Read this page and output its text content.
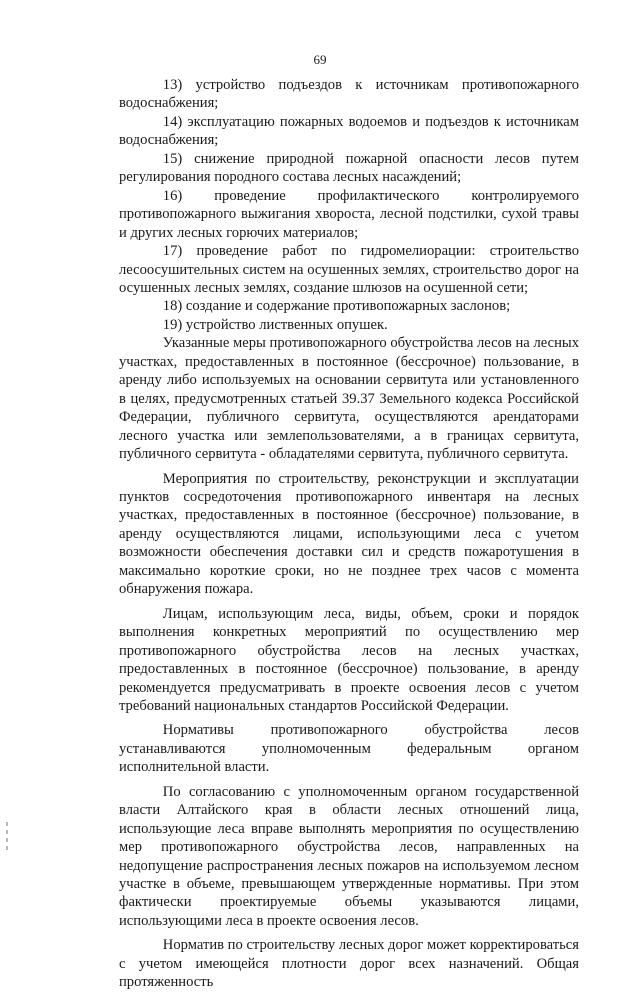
69

13) устройство подъездов к источникам противопожарного водоснабжения;

14) эксплуатацию пожарных водоемов и подъездов к источникам водоснабжения;

15) снижение природной пожарной опасности лесов путем регулирования породного состава лесных насаждений;

16) проведение профилактического контролируемого противопожарного выжигания хвороста, лесной подстилки, сухой травы и других лесных горючих материалов;

17) проведение работ по гидромелиорации: строительство лесоосушительных систем на осушенных землях, строительство дорог на осушенных лесных землях, создание шлюзов на осушенной сети;

18) создание и содержание противопожарных заслонов;

19) устройство лиственных опушек.

Указанные меры противопожарного обустройства лесов на лесных участках, предоставленных в постоянное (бессрочное) пользование, в аренду либо используемых на основании сервитута или установленного в целях, предусмотренных статьей 39.37 Земельного кодекса Российской Федерации, публичного сервитута, осуществляются арендаторами лесного участка или землепользователями, а в границах сервитута, публичного сервитута - обладателями сервитута, публичного сервитута.

Мероприятия по строительству, реконструкции и эксплуатации пунктов сосредоточения противопожарного инвентаря на лесных участках, предоставленных в постоянное (бессрочное) пользование, в аренду осуществляются лицами, использующими леса с учетом возможности обеспечения доставки сил и средств пожаротушения в максимально короткие сроки, но не позднее трех часов с момента обнаружения пожара.

Лицам, использующим леса, виды, объем, сроки и порядок выполнения конкретных мероприятий по осуществлению мер противопожарного обустройства лесов на лесных участках, предоставленных в постоянное (бессрочное) пользование, в аренду рекомендуется предусматривать в проекте освоения лесов с учетом требований национальных стандартов Российской Федерации.

Нормативы противопожарного обустройства лесов устанавливаются уполномоченным федеральным органом исполнительной власти.

По согласованию с уполномоченным органом государственной власти Алтайского края в области лесных отношений лица, использующие леса вправе выполнять мероприятия по осуществлению мер противопожарного обустройства лесов, направленных на недопущение распространения лесных пожаров на используемом лесном участке в объеме, превышающем утвержденные нормативы. При этом фактически проектируемые объемы указываются лицами, использующими леса в проекте освоения лесов.

Норматив по строительству лесных дорог может корректироваться с учетом имеющейся плотности дорог всех назначений. Общая протяженность
